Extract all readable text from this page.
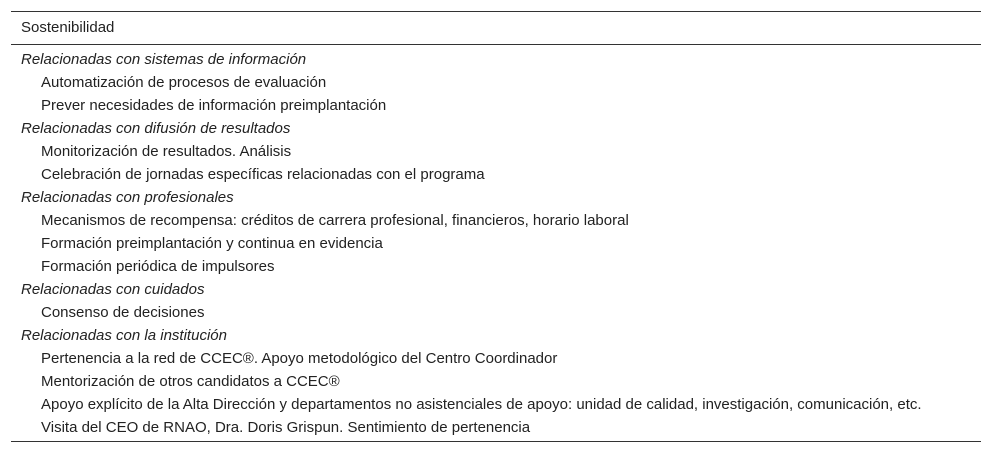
Sostenibilidad
Relacionadas con sistemas de información
Automatización de procesos de evaluación
Prever necesidades de información preimplantación
Relacionadas con difusión de resultados
Monitorización de resultados. Análisis
Celebración de jornadas específicas relacionadas con el programa
Relacionadas con profesionales
Mecanismos de recompensa: créditos de carrera profesional, financieros, horario laboral
Formación preimplantación y continua en evidencia
Formación periódica de impulsores
Relacionadas con cuidados
Consenso de decisiones
Relacionadas con la institución
Pertenencia a la red de CCEC®. Apoyo metodológico del Centro Coordinador
Mentorización de otros candidatos a CCEC®
Apoyo explícito de la Alta Dirección y departamentos no asistenciales de apoyo: unidad de calidad, investigación, comunicación, etc.
Visita del CEO de RNAO, Dra. Doris Grispun. Sentimiento de pertenencia
